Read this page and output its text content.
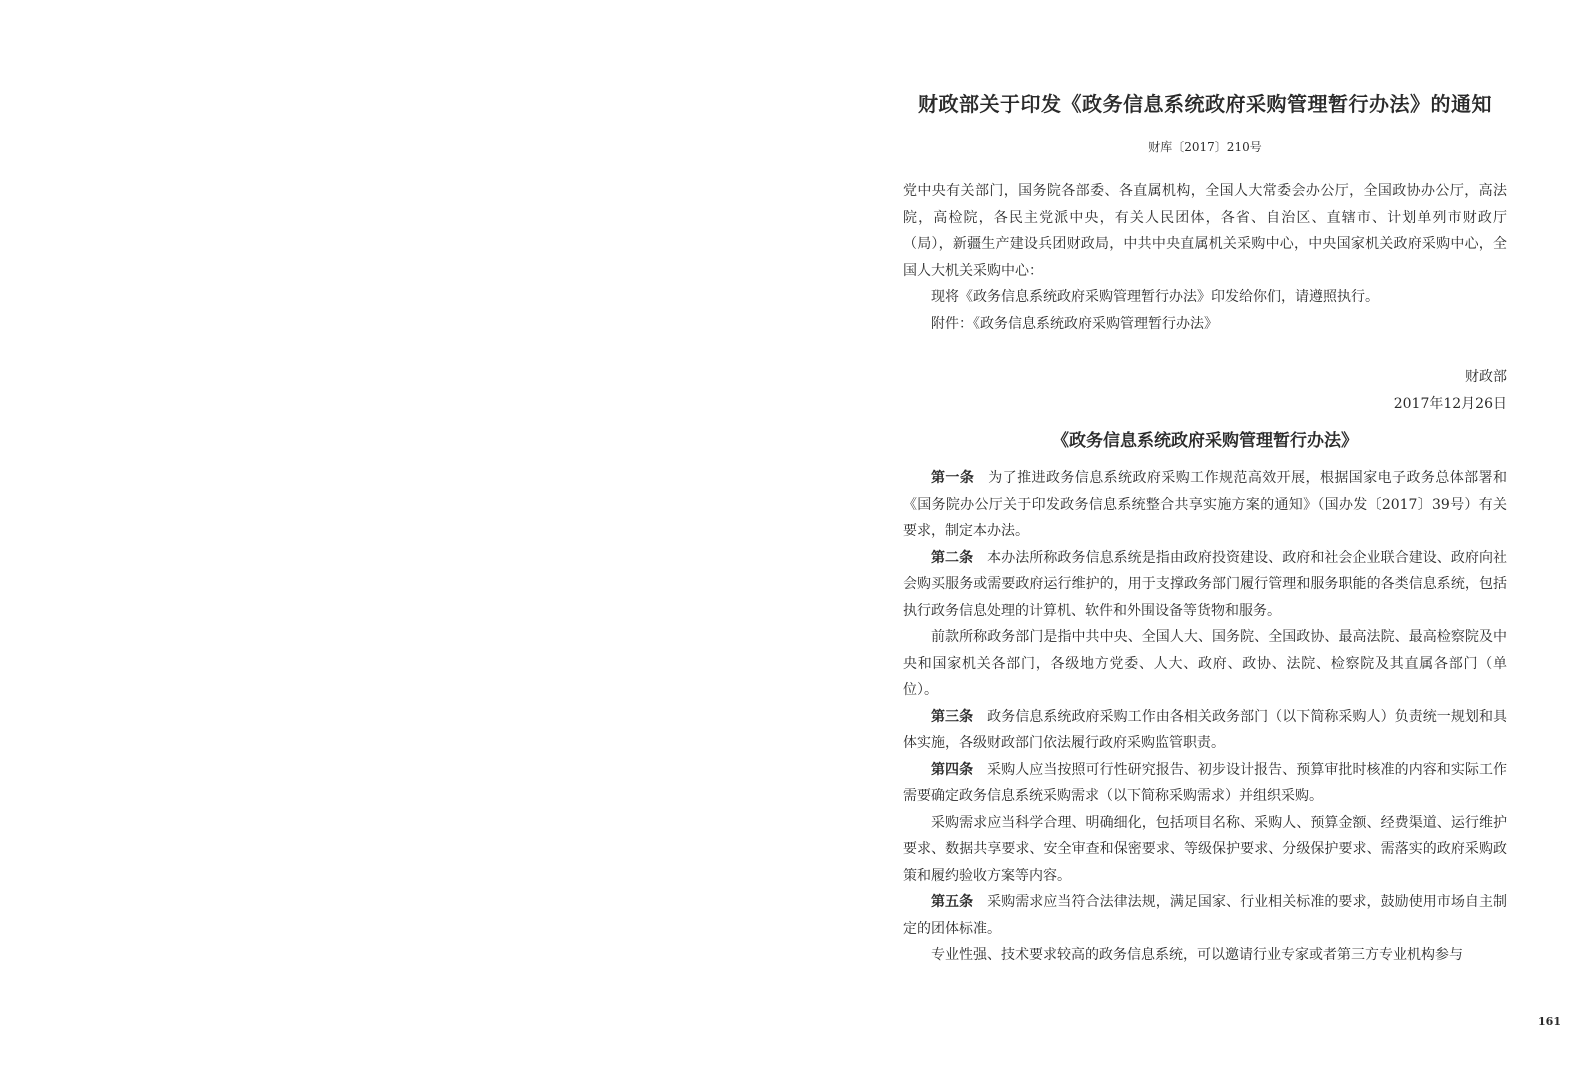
财政部关于印发《政务信息系统政府采购管理暂行办法》的通知
财库〔2017〕210号

党中央有关部门，国务院各部委、各直属机构，全国人大常委会办公厅，全国政协办公厅，高法院，高检院，各民主党派中央，有关人民团体，各省、自治区、直辖市、计划单列市财政厅（局），新疆生产建设兵团财政局，中共中央直属机关采购中心，中央国家机关政府采购中心，全国人大机关采购中心：

现将《政务信息系统政府采购管理暂行办法》印发给你们，请遵照执行。

附件：《政务信息系统政府采购管理暂行办法》

财政部
2017年12月26日
《政务信息系统政府采购管理暂行办法》

第一条 为了推进政务信息系统政府采购工作规范高效开展，根据国家电子政务总体部署和《国务院办公厅关于印发政务信息系统整合共享实施方案的通知》（国办发〔2017〕39号）有关要求，制定本办法。

第二条 本办法所称政务信息系统是指由政府投资建设、政府和社会企业联合建设、政府向社会购买服务或需要政府运行维护的，用于支撑政务部门履行管理和服务职能的各类信息系统，包括执行政务信息处理的计算机、软件和外围设备等货物和服务。

前款所称政务部门是指中共中央、全国人大、国务院、全国政协、最高法院、最高检察院及中央和国家机关各部门，各级地方党委、人大、政府、政协、法院、检察院及其直属各部门（单位）。

第三条 政务信息系统政府采购工作由各相关政务部门（以下简称采购人）负责统一规划和具体实施，各级财政部门依法履行政府采购监管职责。

第四条 采购人应当按照可行性研究报告、初步设计报告、预算审批时核准的内容和实际工作需要确定政务信息系统采购需求（以下简称采购需求）并组织采购。

采购需求应当科学合理、明确细化，包括项目名称、采购人、预算金额、经费渠道、运行维护要求、数据共享要求、安全审查和保密要求、等级保护要求、分级保护要求、需落实的政府采购政策和履约验收方案等内容。

第五条 采购需求应当符合法律法规，满足国家、行业相关标准的要求，鼓励使用市场自主制定的团体标准。

专业性强、技术要求较高的政务信息系统，可以邀请行业专家或者第三方专业机构参与

161
